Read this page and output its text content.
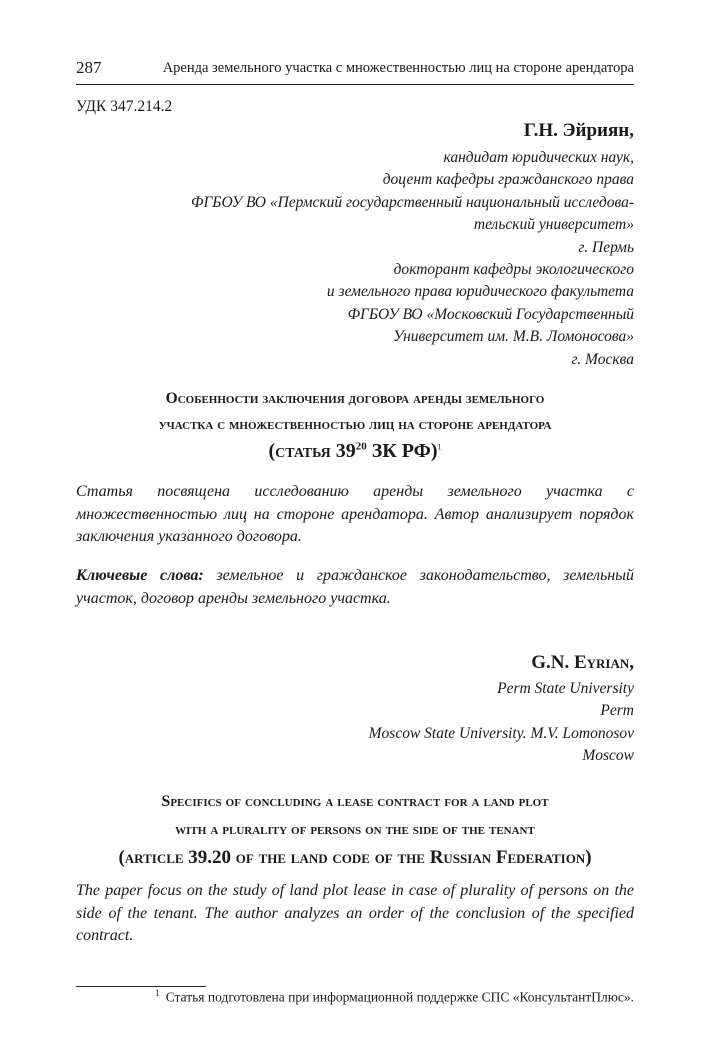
287	Аренда земельного участка с множественностью лиц на стороне арендатора
УДК 347.214.2
Г.Н. Эйриян,
кандидат юридических наук,
доцент кафедры гражданского права
ФГБОУ ВО «Пермский государственный национальный исследова-
тельский университет»
г. Пермь
докторант кафедры экологического
и земельного права юридического факультета
ФГБОУ ВО «Московский Государственный
Университет им. М.В. Ломоносова»
г. Москва
Особенности заключения договора аренды земельного
участка с множественностью лиц на стороне арендатора
(статья $39^{20}$ ЗК РФ)$^1$
Статья посвящена исследованию аренды земельного участка с множественностью лиц на стороне арендатора. Автор анализирует порядок заключения указанного договора.
Ключевые слова: земельное и гражданское законодательство, земельный участок, договор аренды земельного участка.
G.N. Eyrian,
Perm State University
Perm
Moscow State University. M.V. Lomonosov
Moscow
Specifics of concluding a lease contract for a land plot
with a plurality of persons on the side of the tenant
(article 39.20 of the land code of the Russian Federation)
The paper focus on the study of land plot lease in case of plurality of persons on the side of the tenant. The author analyzes an order of the conclusion of the specified contract.
$^1$ Статья подготовлена при информационной поддержке СПС «КонсультантПлюс».
